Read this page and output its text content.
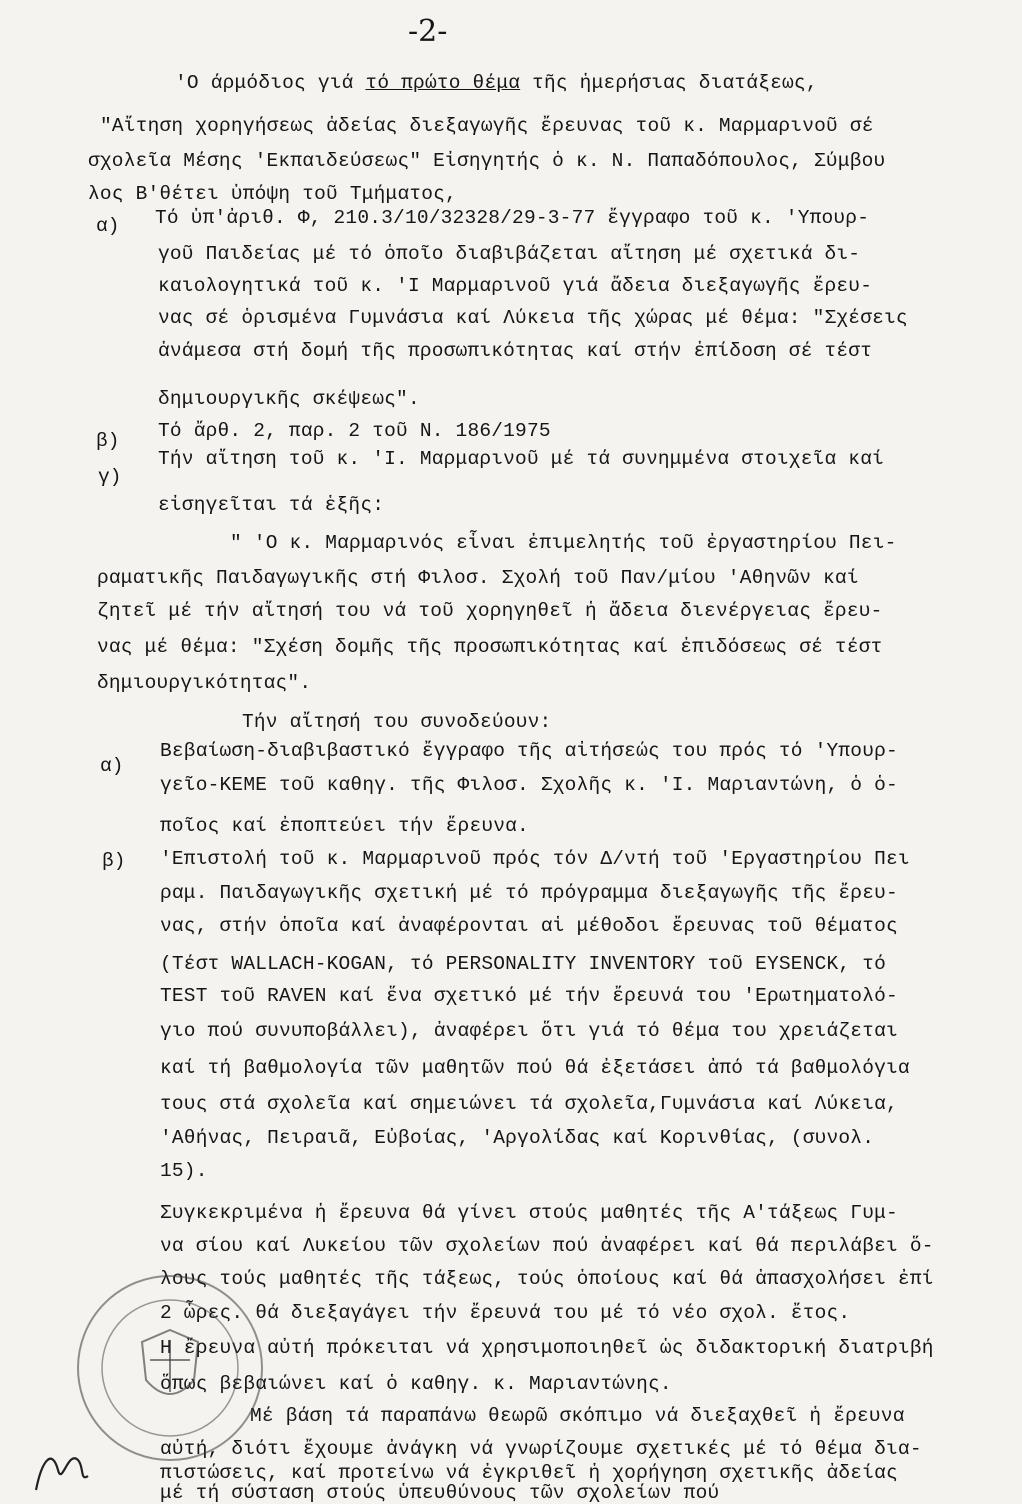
-2-
'Ο άρμόδιος γιά τό πρώτο θέμα τῆς ἡμερήσιας διατάξεως,
"Αἴτηση χορηγήσεως ἀδείας διεξαγωγῆς ἔρευνας τοῦ κ. Μαρμαρινοῦ σέ
σχολεῖα Μέσης 'Εκπαιδεύσεως" Εἰσηγητής ὁ κ. Ν. Παπαδόπουλος, Σύμβου
λος Β'θέτει ὑπόψη τοῦ Τμήματος,
α) Τό ὑπ'ἀριθ. Φ, 210.3/10/32328/29-3-77 ἔγγραφο τοῦ κ. 'Υπουρ-
γοῦ Παιδείας μέ τό ὁποῖο διαβιβάζεται αἴτηση μέ σχετικά δι-
καιολογητικά τοῦ κ. 'Ι Μαρμαρινοῦ γιά ἄδεια διεξαγωγῆς ἔρευ-
νας σέ ὁρισμένα Γυμνάσια καί Λύκεια τῆς χώρας μέ θέμα: "Σχέσεις
ἀνάμεσα στή δομή τῆς προσωπικότητας καί στήν ἐπίδοση σέ τέστ
δημιουργικῆς σκέψεως".
β) Τό ἄρθ. 2, παρ. 2 τοῦ Ν. 186/1975
γ)
Τήν αἴτηση τοῦ κ. 'Ι. Μαρμαρινοῦ μέ τά συνημμένα στοιχεῖα καί
εἰσηγεῖται τά ἑξῆς:
" 'Ο κ. Μαρμαρινός εἶναι ἐπιμελητής τοῦ ἐργαστηρίου Πει-
ραματικῆς Παιδαγωγικῆς στή Φιλοσ. Σχολή τοῦ Παν/μίου 'Αθηνῶν καί
ζητεῖ μέ τήν αἴτησή του νά τοῦ χορηγηθεῖ ἡ ἄδεια διενέργειας ἔρευ-
νας μέ θέμα: "Σχέση δομῆς τῆς προσωπικότητας καί ἐπιδόσεως σέ τέστ
δημιουργικότητας".
Τήν αἴτησή του συνοδεύουν:
α)
Βεβαίωση-διαβιβαστικό ἔγγραφο τῆς αἰτήσεώς του πρός τό 'Υπουρ-
γεῖο-ΚΕΜΕ τοῦ καθηγ. τῆς Φιλοσ. Σχολῆς κ. 'Ι. Μαριαντώνη, ὁ ὁ-
ποῖος καί ἐποπτεύει τήν ἔρευνα.
β) 'Επιστολή τοῦ κ. Μαρμαρινοῦ πρός τόν Δ/ντή τοῦ 'Εργαστηρίου Πει
ραμ. Παιδαγωγικῆς σχετική μέ τό πρόγραμμα διεξαγωγῆς τῆς ἔρευ-
νας, στήν ὁποῖα καί ἀναφέρονται αἱ μέθοδοι ἔρευνας τοῦ θέματος
(Τέστ WALLACH-KOGAN, τό PERSONALITY INVENTORY τοῦ EYSENCK, τό
TEST τοῦ RAVEN καί ἕνα σχετικό μέ τήν ἔρευνά του 'Ερωτηματολό-
γιο πού συνυποβάλλει), ἀναφέρει ὅτι γιά τό θέμα του χρειάζεται
καί τή βαθμολογία τῶν μαθητῶν πού θά ἐξετάσει ἀπό τά βαθμολόγια
τους στά σχολεῖα καί σημειώνει τά σχολεῖα,Γυμνάσια καί Λύκεια,
'Αθήνας, Πειραιᾶ, Εὐβοίας, 'Αργολίδας καί Κορινθίας, (συνολ.
15).
Συγκεκριμένα ἡ ἔρευνα θά γίνει στούς μαθητές τῆς Α'τάξεως Γυμ-
να σίου καί Λυκείου τῶν σχολείων πού ἀναφέρει καί θά περιλάβει ὅ-
λους τούς μαθητές τῆς τάξεως, τούς ὁποίους καί θά ἀπασχολήσει ἐπί
2 ὧρες. θά διεξαγάγει τήν ἔρευνά του μέ τό νέο σχολ. ἔτος.
Η ἔρευνα αὐτή πρόκειται νά χρησιμοποιηθεῖ ὡς διδακτορική διατριβή
ὅπως βεβαιώνει καί ὁ καθηγ. κ. Μαριαντώνης.
Μέ βάση τά παραπάνω θεωρῶ σκόπιμο νά διεξαχθεῖ ἡ ἔρευνα
αὐτή, διότι ἔχουμε ἀνάγκη νά γνωρίζουμε σχετικές μέ τό θέμα δια-
πιστώσεις, καί προτείνω νά ἐγκριθεῖ ἡ χορήγηση σχετικῆς ἀδείας
μέ τή σύσταση στούς ὑπευθύνους τῶν σχολείων πού
